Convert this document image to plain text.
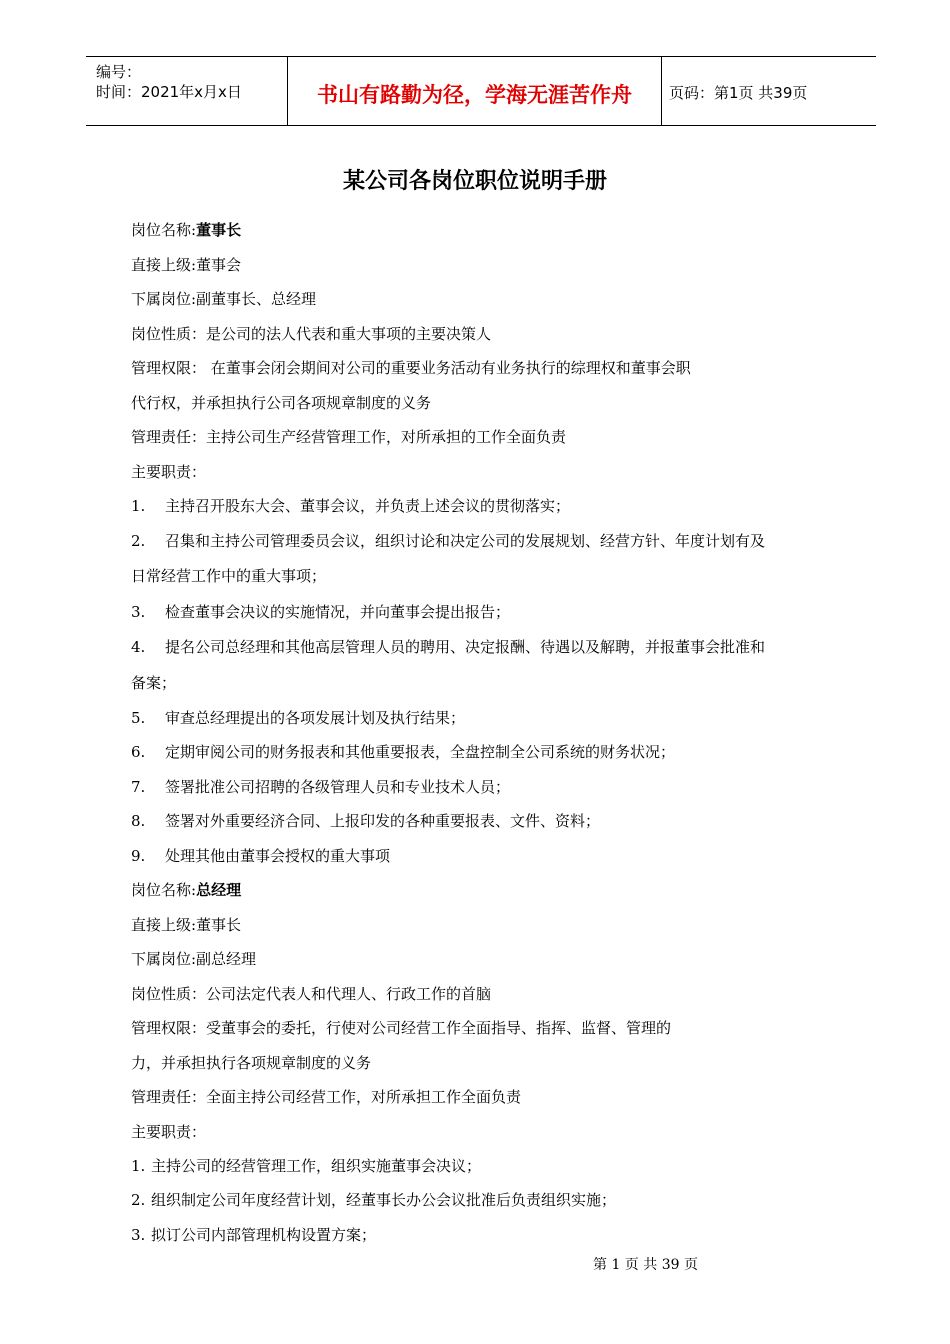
编号：
时间：2021年x月x日	书山有路勤为径，学海无涯苦作舟	页码：第1页 共39页
某公司各岗位职位说明手册
岗位名称:董事长
直接上级:董事会
下属岗位:副董事长、总经理
岗位性质：是公司的法人代表和重大事项的主要决策人
管理权限： 在董事会闭会期间对公司的重要业务活动有业务执行的综理权和董事会职
代行权，并承担执行公司各项规章制度的义务
管理责任：主持公司生产经营管理工作，对所承担的工作全面负责
主要职责：
1. 主持召开股东大会、董事会议，并负责上述会议的贯彻落实；
2. 召集和主持公司管理委员会议，组织讨论和决定公司的发展规划、经营方针、年度计划有及
日常经营工作中的重大事项；
3. 检查董事会决议的实施情况，并向董事会提出报告；
4. 提名公司总经理和其他高层管理人员的聘用、决定报酬、待遇以及解聘，并报董事会批准和
备案；
5. 审查总经理提出的各项发展计划及执行结果；
6. 定期审阅公司的财务报表和其他重要报表，全盘控制全公司系统的财务状况；
7. 签署批准公司招聘的各级管理人员和专业技术人员；
8. 签署对外重要经济合同、上报印发的各种重要报表、文件、资料；
9. 处理其他由董事会授权的重大事项
岗位名称:总经理
直接上级:董事长
下属岗位:副总经理
岗位性质：公司法定代表人和代理人、行政工作的首脑
管理权限：受董事会的委托，行使对公司经营工作全面指导、指挥、监督、管理的
力，并承担执行各项规章制度的义务
管理责任：全面主持公司经营工作，对所承担工作全面负责
主要职责：
1. 主持公司的经营管理工作，组织实施董事会决议；
2. 组织制定公司年度经营计划，经董事长办公会议批准后负责组织实施；
3. 拟订公司内部管理机构设置方案；
第 1 页 共 39 页
